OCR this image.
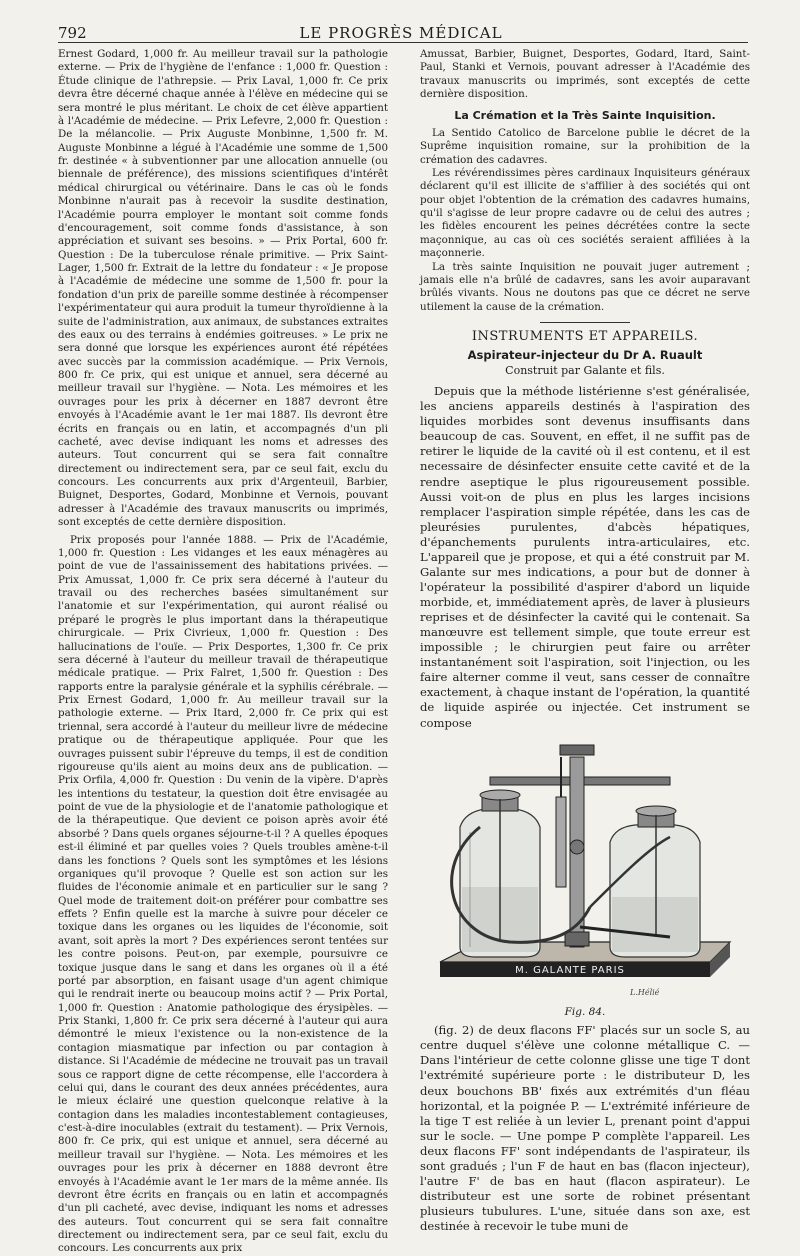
792	LE PROGRÈS MÉDICAL

Ernest Godard, 1,000 fr. Au meilleur travail sur la pathologie externe. — Prix de l'hygiène de l'enfance : 1,000 fr. Question : Étude clinique de l'athrepsie. — Prix Laval, 1,000 fr. Ce prix devra être décerné chaque année à l'élève en médecine qui se sera montré le plus méritant. Le choix de cet élève appartient à l'Académie de médecine. — Prix Lefevre, 2,000 fr. Question : De la mélancolie. — Prix Auguste Monbinne, 1,500 fr. M. Auguste Monbinne a légué à l'Académie une somme de 1,500 fr. destinée « à subventionner par une allocation annuelle (ou biennale de préférence), des missions scientifiques d'intérêt médical chirurgical ou vétérinaire. Dans le cas où le fonds Monbinne n'aurait pas à recevoir la susdite destination, l'Académie pourra employer le montant soit comme fonds d'encouragement, soit comme fonds d'assistance, à son appréciation et suivant ses besoins. » — Prix Portal, 600 fr. Question : De la tuberculose rénale primitive. — Prix Saint-Lager, 1,500 fr. Extrait de la lettre du fondateur : « Je propose à l'Académie de médecine une somme de 1,500 fr. pour la fondation d'un prix de pareille somme destinée à récompenser l'expérimentateur qui aura produit la tumeur thyroïdienne à la suite de l'administration, aux animaux, de substances extraites des eaux ou des terrains à endémies goitreuses. » Le prix ne sera donné que lorsque les expériences auront été répétées avec succès par la commission académique. — Prix Vernois, 800 fr. Ce prix, qui est unique et annuel, sera décerné au meilleur travail sur l'hygiène. — Nota. Les mémoires et les ouvrages pour les prix à décerner en 1887 devront être envoyés à l'Académie avant le 1er mai 1887. Ils devront être écrits en français ou en latin, et accompagnés d'un pli cacheté, avec devise indiquant les noms et adresses des auteurs. Tout concurrent qui se sera fait connaître directement ou indirectement sera, par ce seul fait, exclu du concours. Les concurrents aux prix d'Argenteuil, Barbier, Buignet, Desportes, Godard, Monbinne et Vernois, pouvant adresser à l'Académie des travaux manuscrits ou imprimés, sont exceptés de cette dernière disposition.

Prix proposés pour l'année 1888. — Prix de l'Académie, 1,000 fr. Question : Les vidanges et les eaux ménagères au point de vue de l'assainissement des habitations privées. — Prix Amussat, 1,000 fr. Ce prix sera décerné à l'auteur du travail ou des recherches basées simultanément sur l'anatomie et sur l'expérimentation, qui auront réalisé ou préparé le progrès le plus important dans la thérapeutique chirurgicale. — Prix Civrieux, 1,000 fr. Question : Des hallucinations de l'ouïe. — Prix Desportes, 1,300 fr. Ce prix sera décerné à l'auteur du meilleur travail de thérapeutique médicale pratique. — Prix Falret, 1,500 fr. Question : Des rapports entre la paralysie générale et la syphilis cérébrale. — Prix Ernest Godard, 1,000 fr. Au meilleur travail sur la pathologie externe. — Prix Itard, 2,000 fr. Ce prix qui est triennal, sera accordé à l'auteur du meilleur livre de médecine pratique ou de thérapeutique appliquée. Pour que les ouvrages puissent subir l'épreuve du temps, il est de condition rigoureuse qu'ils aient au moins deux ans de publication. — Prix Orfila, 4,000 fr. Question : Du venin de la vipère. D'après les intentions du testateur, la question doit être envisagée au point de vue de la physiologie et de l'anatomie pathologique et de la thérapeutique. Que devient ce poison après avoir été absorbé ? Dans quels organes séjourne-t-il ? A quelles époques est-il éliminé et par quelles voies ? Quels troubles amène-t-il dans les fonctions ? Quels sont les symptômes et les lésions organiques qu'il provoque ? Quelle est son action sur les fluides de l'économie animale et en particulier sur le sang ? Quel mode de traitement doit-on préférer pour combattre ses effets ? Enfin quelle est la marche à suivre pour déceler ce toxique dans les organes ou les liquides de l'économie, soit avant, soit après la mort ? Des expériences seront tentées sur les contre poisons. Peut-on, par exemple, poursuivre ce toxique jusque dans le sang et dans les organes où il a été porté par absorption, en faisant usage d'un agent chimique qui le rendrait inerte ou beaucoup moins actif ? — Prix Portal, 1,000 fr. Question : Anatomie pathologique des érysipèles. — Prix Stanki, 1,800 fr. Ce prix sera décerné à l'auteur qui aura démontré le mieux l'existence ou la non-existence de la contagion miasmatique par infection ou par contagion à distance. Si l'Académie de médecine ne trouvait pas un travail sous ce rapport digne de cette récompense, elle l'accordera à celui qui, dans le courant des deux années précédentes, aura le mieux éclairé une question quelconque relative à la contagion dans les maladies incontestablement contagieuses, c'est-à-dire inoculables (extrait du testament). — Prix Vernois, 800 fr. Ce prix, qui est unique et annuel, sera décerné au meilleur travail sur l'hygiène. — Nota. Les mémoires et les ouvrages pour les prix à décerner en 1888 devront être envoyés à l'Académie avant le 1er mars de la même année. Ils devront être écrits en français ou en latin et accompagnés d'un pli cacheté, avec devise, indiquant les noms et adresses des auteurs. Tout concurrent qui se sera fait connaître directement ou indirectement sera, par ce seul fait, exclu du concours. Les concurrents aux prix

Amussat, Barbier, Buignet, Desportes, Godard, Itard, Saint-Paul, Stanki et Vernois, pouvant adresser à l'Académie des travaux manuscrits ou imprimés, sont exceptés de cette dernière disposition.

La Crémation et la Très Sainte Inquisition.

La Sentido Catolico de Barcelone publie le décret de la Suprême inquisition romaine, sur la prohibition de la crémation des cadavres.

Les révérendissimes pères cardinaux Inquisiteurs généraux déclarent qu'il est illicite de s'affilier à des sociétés qui ont pour objet l'obtention de la crémation des cadavres humains, qu'il s'agisse de leur propre cadavre ou de celui des autres ; les fidèles encourent les peines décrétées contre la secte maçonnique, au cas où ces sociétés seraient affiliées à la maçonnerie.

La très sainte Inquisition ne pouvait juger autrement ; jamais elle n'a brûlé de cadavres, sans les avoir auparavant brûlés vivants. Nous ne doutons pas que ce décret ne serve utilement la cause de la crémation.

INSTRUMENTS ET APPAREILS.
Aspirateur-injecteur du Dr A. Ruault
Construit par Galante et fils.

Depuis que la méthode listérienne s'est généralisée, les anciens appareils destinés à l'aspiration des liquides morbides sont devenus insuffisants dans beaucoup de cas. Souvent, en effet, il ne suffit pas de retirer le liquide de la cavité où il est contenu, et il est necessaire de désinfecter ensuite cette cavité et de la rendre aseptique le plus rigoureusement possible. Aussi voit-on de plus en plus les larges incisions remplacer l'aspiration simple répétée, dans les cas de pleurésies purulentes, d'abcès hépatiques, d'épanchements purulents intra-articulaires, etc. L'appareil que je propose, et qui a été construit par M. Galante sur mes indications, a pour but de donner à l'opérateur la possibilité d'aspirer d'abord un liquide morbide, et, immédiatement après, de laver à plusieurs reprises et de désinfecter la cavité qui le contenait. Sa manœuvre est tellement simple, que toute erreur est impossible ; le chirurgien peut faire ou arrêter instantanément soit l'aspiration, soit l'injection, ou les faire alterner comme il veut, sans cesser de connaître exactement, à chaque instant de l'opération, la quantité de liquide aspirée ou injectée. Cet instrument se compose

M. GALANTE PARIS
L.Hélié
Fig. 84.

(fig. 2) de deux flacons FF' placés sur un socle S, au centre duquel s'élève une colonne métallique C. — Dans l'intérieur de cette colonne glisse une tige T dont l'extrémité supérieure porte : le distributeur D, les deux bouchons BB' fixés aux extrémités d'un fléau horizontal, et la poignée P. — L'extrémité inférieure de la tige T est reliée à un levier L, prenant point d'appui sur le socle. — Une pompe P complète l'appareil. Les deux flacons FF' sont indépendants de l'aspirateur, ils sont gradués ; l'un F de haut en bas (flacon injecteur), l'autre F' de bas en haut (flacon aspirateur). Le distributeur est une sorte de robinet présentant plusieurs tubulures. L'une, située dans son axe, est destinée à recevoir le tube muni de
